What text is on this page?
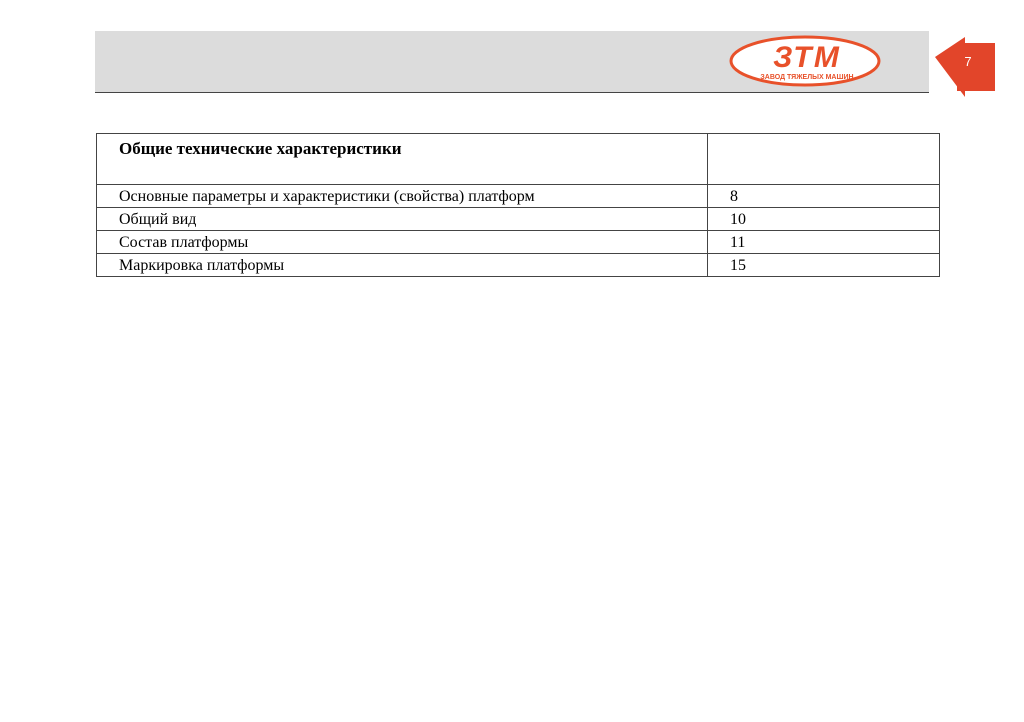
ЗТМ
ЗАВОД ТЯЖЕЛЫХ МАШИН
7
Общие технические характеристики	
Основные параметры и характеристики (свойства) платформ	8
Общий вид	10
Состав платформы	11
Маркировка платформы	15
